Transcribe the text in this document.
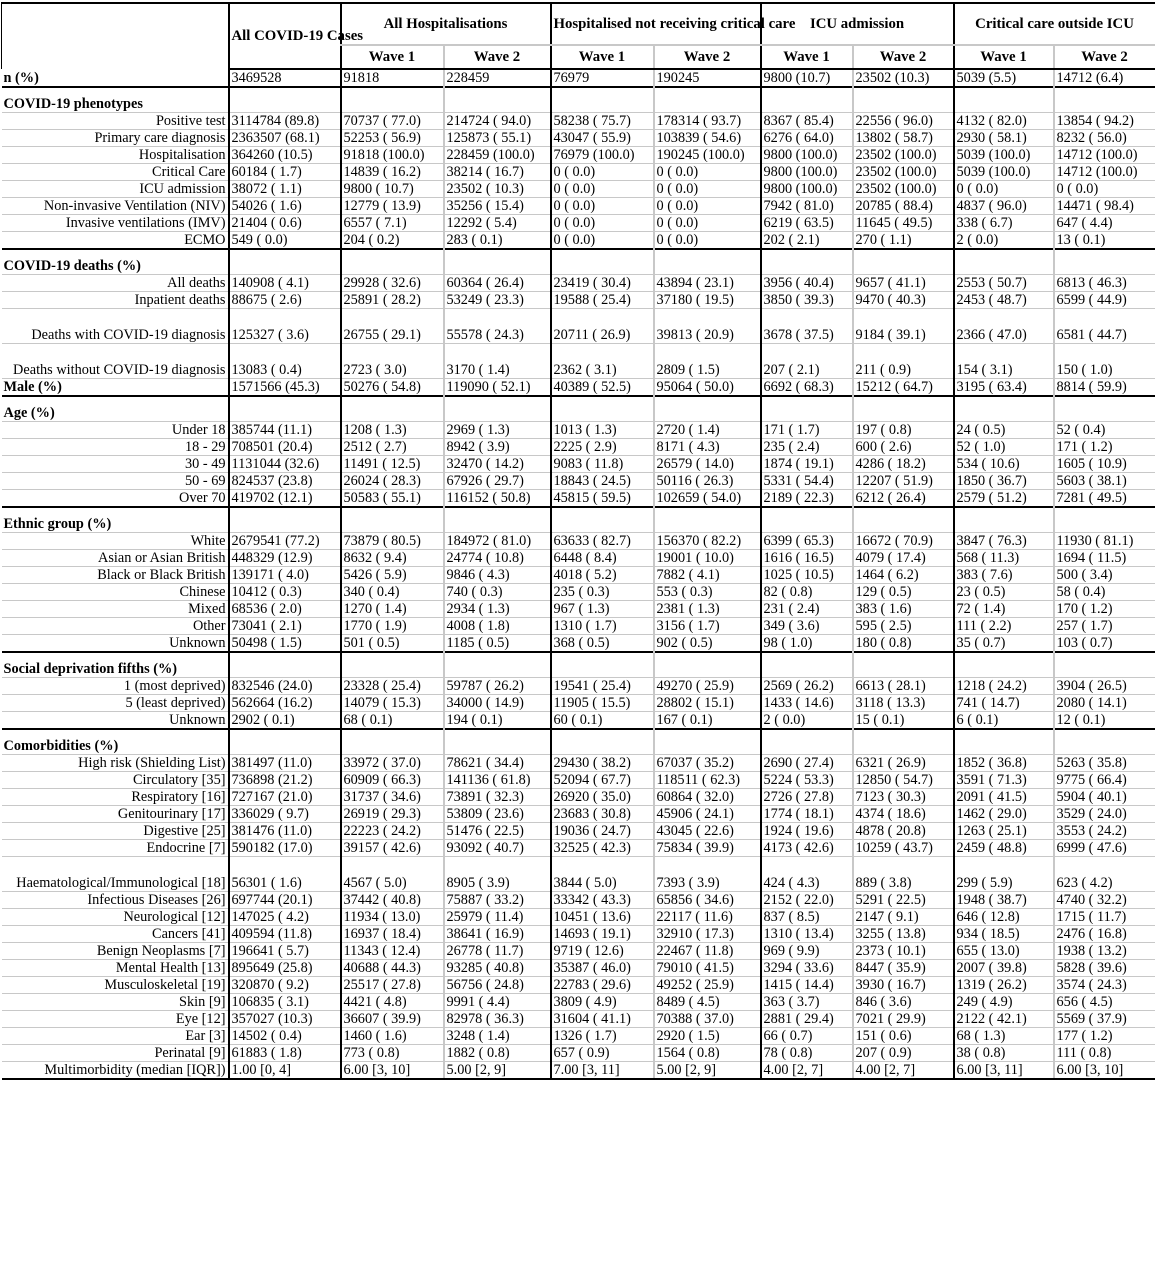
	All COVID-19 Cases	All Hospitalisations		Hospitalised not receiving critical care		ICU admission		Critical care outside ICU	
		Wave 1	Wave 2	Wave 1	Wave 2	Wave 1	Wave 2	Wave 1	Wave 2
n (%)	3469528	91818	228459	76979	190245	9800 (10.7)	23502 (10.3)	5039 (5.5)	14712 (6.4)
COVID-19 phenotypes									
Positive test	3114784 (89.8)	70737 ( 77.0)	214724 ( 94.0)	58238 ( 75.7)	178314 ( 93.7)	8367 ( 85.4)	22556 ( 96.0)	4132 ( 82.0)	13854 ( 94.2)
Primary care diagnosis	2363507 (68.1)	52253 ( 56.9)	125873 ( 55.1)	43047 ( 55.9)	103839 ( 54.6)	6276 ( 64.0)	13802 ( 58.7)	2930 ( 58.1)	8232 ( 56.0)
Hospitalisation	364260 (10.5)	91818 (100.0)	228459 (100.0)	76979 (100.0)	190245 (100.0)	9800 (100.0)	23502 (100.0)	5039 (100.0)	14712 (100.0)
Critical Care	60184 ( 1.7)	14839 ( 16.2)	38214 ( 16.7)	0 ( 0.0)	0 ( 0.0)	9800 (100.0)	23502 (100.0)	5039 (100.0)	14712 (100.0)
ICU admission	38072 ( 1.1)	9800 ( 10.7)	23502 ( 10.3)	0 ( 0.0)	0 ( 0.0)	9800 (100.0)	23502 (100.0)	0 ( 0.0)	0 ( 0.0)
Non-invasive Ventilation (NIV)	54026 ( 1.6)	12779 ( 13.9)	35256 ( 15.4)	0 ( 0.0)	0 ( 0.0)	7942 ( 81.0)	20785 ( 88.4)	4837 ( 96.0)	14471 ( 98.4)
Invasive ventilations (IMV)	21404 ( 0.6)	6557 ( 7.1)	12292 ( 5.4)	0 ( 0.0)	0 ( 0.0)	6219 ( 63.5)	11645 ( 49.5)	338 ( 6.7)	647 ( 4.4)
ECMO	549 ( 0.0)	204 ( 0.2)	283 ( 0.1)	0 ( 0.0)	0 ( 0.0)	202 ( 2.1)	270 ( 1.1)	2 ( 0.0)	13 ( 0.1)
COVID-19 deaths (%)									
All deaths	140908 ( 4.1)	29928 ( 32.6)	60364 ( 26.4)	23419 ( 30.4)	43894 ( 23.1)	3956 ( 40.4)	9657 ( 41.1)	2553 ( 50.7)	6813 ( 46.3)
Inpatient deaths	88675 ( 2.6)	25891 ( 28.2)	53249 ( 23.3)	19588 ( 25.4)	37180 ( 19.5)	3850 ( 39.3)	9470 ( 40.3)	2453 ( 48.7)	6599 ( 44.9)
Deaths with COVID-19 diagnosis	125327 ( 3.6)	26755 ( 29.1)	55578 ( 24.3)	20711 ( 26.9)	39813 ( 20.9)	3678 ( 37.5)	9184 ( 39.1)	2366 ( 47.0)	6581 ( 44.7)
Deaths without COVID-19 diagnosis	13083 ( 0.4)	2723 ( 3.0)	3170 ( 1.4)	2362 ( 3.1)	2809 ( 1.5)	207 ( 2.1)	211 ( 0.9)	154 ( 3.1)	150 ( 1.0)
Male (%)	1571566 (45.3)	50276 ( 54.8)	119090 ( 52.1)	40389 ( 52.5)	95064 ( 50.0)	6692 ( 68.3)	15212 ( 64.7)	3195 ( 63.4)	8814 ( 59.9)
Age (%)									
Under 18	385744 (11.1)	1208 ( 1.3)	2969 ( 1.3)	1013 ( 1.3)	2720 ( 1.4)	171 ( 1.7)	197 ( 0.8)	24 ( 0.5)	52 ( 0.4)
18 - 29	708501 (20.4)	2512 ( 2.7)	8942 ( 3.9)	2225 ( 2.9)	8171 ( 4.3)	235 ( 2.4)	600 ( 2.6)	52 ( 1.0)	171 ( 1.2)
30 - 49	1131044 (32.6)	11491 ( 12.5)	32470 ( 14.2)	9083 ( 11.8)	26579 ( 14.0)	1874 ( 19.1)	4286 ( 18.2)	534 ( 10.6)	1605 ( 10.9)
50 - 69	824537 (23.8)	26024 ( 28.3)	67926 ( 29.7)	18843 ( 24.5)	50116 ( 26.3)	5331 ( 54.4)	12207 ( 51.9)	1850 ( 36.7)	5603 ( 38.1)
Over 70	419702 (12.1)	50583 ( 55.1)	116152 ( 50.8)	45815 ( 59.5)	102659 ( 54.0)	2189 ( 22.3)	6212 ( 26.4)	2579 ( 51.2)	7281 ( 49.5)
Ethnic group (%)									
White	2679541 (77.2)	73879 ( 80.5)	184972 ( 81.0)	63633 ( 82.7)	156370 ( 82.2)	6399 ( 65.3)	16672 ( 70.9)	3847 ( 76.3)	11930 ( 81.1)
Asian or Asian British	448329 (12.9)	8632 ( 9.4)	24774 ( 10.8)	6448 ( 8.4)	19001 ( 10.0)	1616 ( 16.5)	4079 ( 17.4)	568 ( 11.3)	1694 ( 11.5)
Black or Black British	139171 ( 4.0)	5426 ( 5.9)	9846 ( 4.3)	4018 ( 5.2)	7882 ( 4.1)	1025 ( 10.5)	1464 ( 6.2)	383 ( 7.6)	500 ( 3.4)
Chinese	10412 ( 0.3)	340 ( 0.4)	740 ( 0.3)	235 ( 0.3)	553 ( 0.3)	82 ( 0.8)	129 ( 0.5)	23 ( 0.5)	58 ( 0.4)
Mixed	68536 ( 2.0)	1270 ( 1.4)	2934 ( 1.3)	967 ( 1.3)	2381 ( 1.3)	231 ( 2.4)	383 ( 1.6)	72 ( 1.4)	170 ( 1.2)
Other	73041 ( 2.1)	1770 ( 1.9)	4008 ( 1.8)	1310 ( 1.7)	3156 ( 1.7)	349 ( 3.6)	595 ( 2.5)	111 ( 2.2)	257 ( 1.7)
Unknown	50498 ( 1.5)	501 ( 0.5)	1185 ( 0.5)	368 ( 0.5)	902 ( 0.5)	98 ( 1.0)	180 ( 0.8)	35 ( 0.7)	103 ( 0.7)
Social deprivation fifths (%)									
1 (most deprived)	832546 (24.0)	23328 ( 25.4)	59787 ( 26.2)	19541 ( 25.4)	49270 ( 25.9)	2569 ( 26.2)	6613 ( 28.1)	1218 ( 24.2)	3904 ( 26.5)
5 (least deprived)	562664 (16.2)	14079 ( 15.3)	34000 ( 14.9)	11905 ( 15.5)	28802 ( 15.1)	1433 ( 14.6)	3118 ( 13.3)	741 ( 14.7)	2080 ( 14.1)
Unknown	2902 ( 0.1)	68 ( 0.1)	194 ( 0.1)	60 ( 0.1)	167 ( 0.1)	2 ( 0.0)	15 ( 0.1)	6 ( 0.1)	12 ( 0.1)
Comorbidities (%)									
High risk (Shielding List)	381497 (11.0)	33972 ( 37.0)	78621 ( 34.4)	29430 ( 38.2)	67037 ( 35.2)	2690 ( 27.4)	6321 ( 26.9)	1852 ( 36.8)	5263 ( 35.8)
Circulatory [35]	736898 (21.2)	60909 ( 66.3)	141136 ( 61.8)	52094 ( 67.7)	118511 ( 62.3)	5224 ( 53.3)	12850 ( 54.7)	3591 ( 71.3)	9775 ( 66.4)
Respiratory [16]	727167 (21.0)	31737 ( 34.6)	73891 ( 32.3)	26920 ( 35.0)	60864 ( 32.0)	2726 ( 27.8)	7123 ( 30.3)	2091 ( 41.5)	5904 ( 40.1)
Genitourinary [17]	336029 ( 9.7)	26919 ( 29.3)	53809 ( 23.6)	23683 ( 30.8)	45906 ( 24.1)	1774 ( 18.1)	4374 ( 18.6)	1462 ( 29.0)	3529 ( 24.0)
Digestive [25]	381476 (11.0)	22223 ( 24.2)	51476 ( 22.5)	19036 ( 24.7)	43045 ( 22.6)	1924 ( 19.6)	4878 ( 20.8)	1263 ( 25.1)	3553 ( 24.2)
Endocrine [7]	590182 (17.0)	39157 ( 42.6)	93092 ( 40.7)	32525 ( 42.3)	75834 ( 39.9)	4173 ( 42.6)	10259 ( 43.7)	2459 ( 48.8)	6999 ( 47.6)
Haematological/Immunological [18]	56301 ( 1.6)	4567 ( 5.0)	8905 ( 3.9)	3844 ( 5.0)	7393 ( 3.9)	424 ( 4.3)	889 ( 3.8)	299 ( 5.9)	623 ( 4.2)
Infectious Diseases [26]	697744 (20.1)	37442 ( 40.8)	75887 ( 33.2)	33342 ( 43.3)	65856 ( 34.6)	2152 ( 22.0)	5291 ( 22.5)	1948 ( 38.7)	4740 ( 32.2)
Neurological [12]	147025 ( 4.2)	11934 ( 13.0)	25979 ( 11.4)	10451 ( 13.6)	22117 ( 11.6)	837 ( 8.5)	2147 ( 9.1)	646 ( 12.8)	1715 ( 11.7)
Cancers [41]	409594 (11.8)	16937 ( 18.4)	38641 ( 16.9)	14693 ( 19.1)	32910 ( 17.3)	1310 ( 13.4)	3255 ( 13.8)	934 ( 18.5)	2476 ( 16.8)
Benign Neoplasms [7]	196641 ( 5.7)	11343 ( 12.4)	26778 ( 11.7)	9719 ( 12.6)	22467 ( 11.8)	969 ( 9.9)	2373 ( 10.1)	655 ( 13.0)	1938 ( 13.2)
Mental Health [13]	895649 (25.8)	40688 ( 44.3)	93285 ( 40.8)	35387 ( 46.0)	79010 ( 41.5)	3294 ( 33.6)	8447 ( 35.9)	2007 ( 39.8)	5828 ( 39.6)
Musculoskeletal [19]	320870 ( 9.2)	25517 ( 27.8)	56756 ( 24.8)	22783 ( 29.6)	49252 ( 25.9)	1415 ( 14.4)	3930 ( 16.7)	1319 ( 26.2)	3574 ( 24.3)
Skin [9]	106835 ( 3.1)	4421 ( 4.8)	9991 ( 4.4)	3809 ( 4.9)	8489 ( 4.5)	363 ( 3.7)	846 ( 3.6)	249 ( 4.9)	656 ( 4.5)
Eye [12]	357027 (10.3)	36607 ( 39.9)	82978 ( 36.3)	31604 ( 41.1)	70388 ( 37.0)	2881 ( 29.4)	7021 ( 29.9)	2122 ( 42.1)	5569 ( 37.9)
Ear [3]	14502 ( 0.4)	1460 ( 1.6)	3248 ( 1.4)	1326 ( 1.7)	2920 ( 1.5)	66 ( 0.7)	151 ( 0.6)	68 ( 1.3)	177 ( 1.2)
Perinatal [9]	61883 ( 1.8)	773 ( 0.8)	1882 ( 0.8)	657 ( 0.9)	1564 ( 0.8)	78 ( 0.8)	207 ( 0.9)	38 ( 0.8)	111 ( 0.8)
Multimorbidity (median [IQR])	1.00 [0, 4]	6.00 [3, 10]	5.00 [2, 9]	7.00 [3, 11]	5.00 [2, 9]	4.00 [2, 7]	4.00 [2, 7]	6.00 [3, 11]	6.00 [3, 10]
